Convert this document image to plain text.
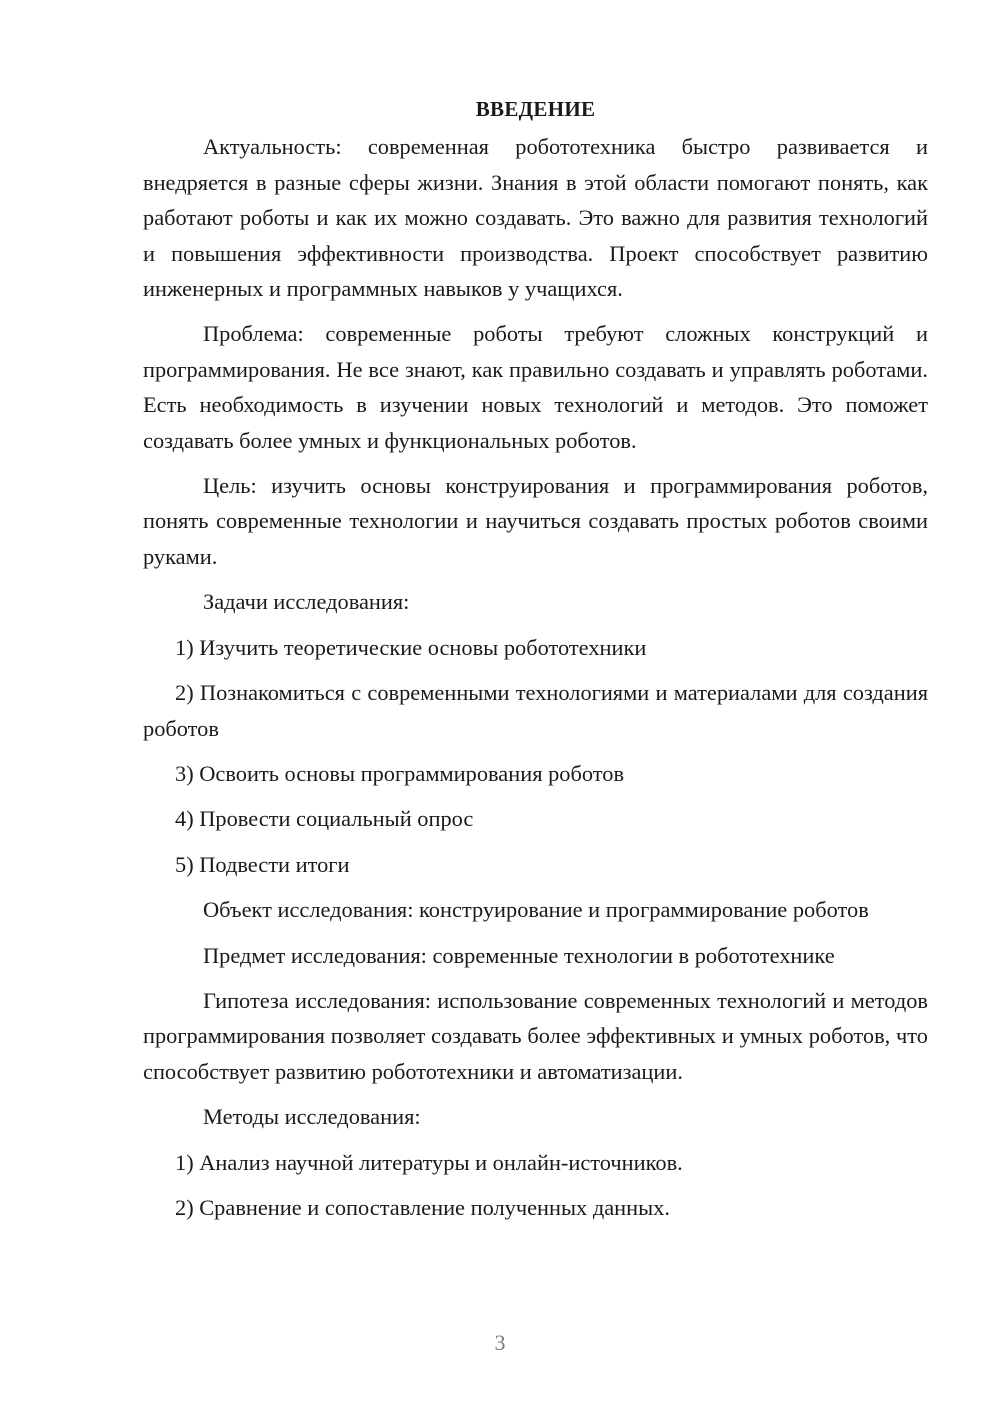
ВВЕДЕНИЕ
Актуальность: современная робототехника быстро развивается и внедряется в разные сферы жизни. Знания в этой области помогают понять, как работают роботы и как их можно создавать. Это важно для развития технологий и повышения эффективности производства. Проект способствует развитию инженерных и программных навыков у учащихся.
Проблема: современные роботы требуют сложных конструкций и программирования. Не все знают, как правильно создавать и управлять роботами. Есть необходимость в изучении новых технологий и методов. Это поможет создавать более умных и функциональных роботов.
Цель: изучить основы конструирования и программирования роботов, понять современные технологии и научиться создавать простых роботов своими руками.
Задачи исследования:
1) Изучить теоретические основы робототехники
2) Познакомиться с современными технологиями и материалами для создания роботов
3) Освоить основы программирования роботов
4) Провести социальный опрос
5) Подвести итоги
Объект исследования: конструирование и программирование роботов
Предмет исследования: современные технологии в робототехнике
Гипотеза исследования: использование современных технологий и методов программирования позволяет создавать более эффективных и умных роботов, что способствует развитию робототехники и автоматизации.
Методы исследования:
1) Анализ научной литературы и онлайн-источников.
2) Сравнение и сопоставление полученных данных.
3
